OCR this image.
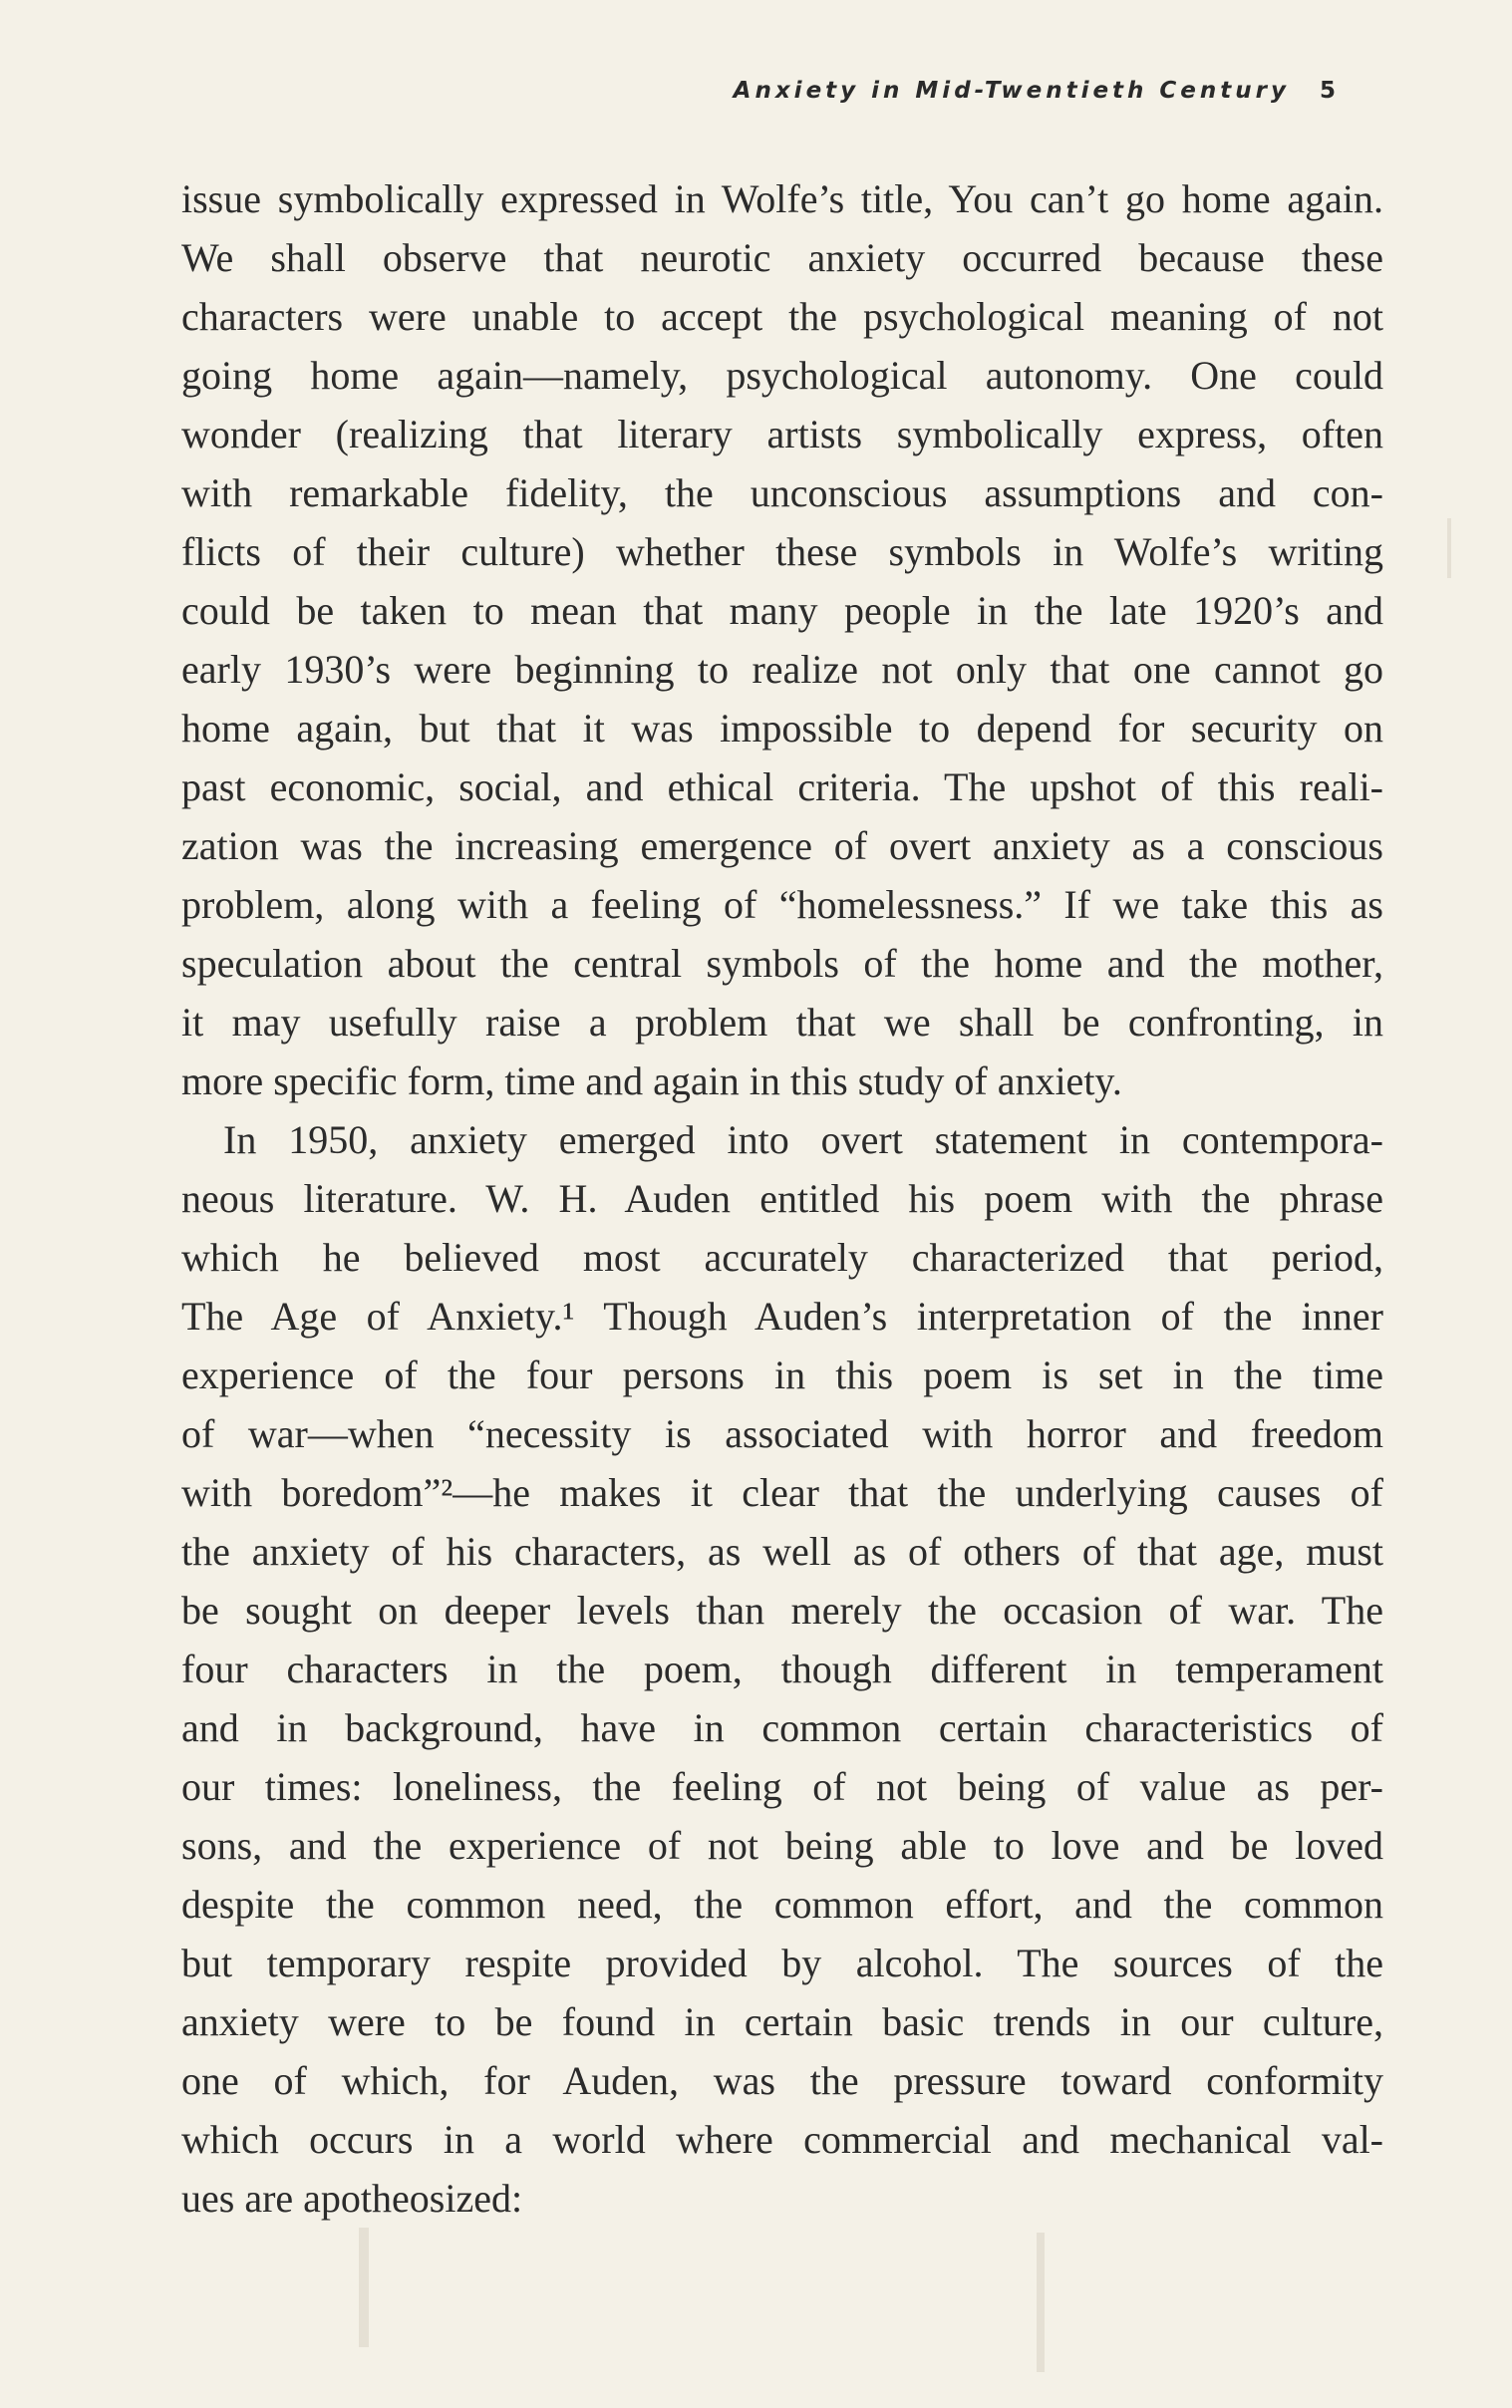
Anxiety in Mid-Twentieth Century 5
issue symbolically expressed in Wolfe’s title, You can’t go home again.
We shall observe that neurotic anxiety occurred because these
characters were unable to accept the psychological meaning of not
going home again—namely, psychological autonomy. One could
wonder (realizing that literary artists symbolically express, often
with remarkable fidelity, the unconscious assumptions and con-
flicts of their culture) whether these symbols in Wolfe’s writing
could be taken to mean that many people in the late 1920’s and
early 1930’s were beginning to realize not only that one cannot go
home again, but that it was impossible to depend for security on
past economic, social, and ethical criteria. The upshot of this reali-
zation was the increasing emergence of overt anxiety as a conscious
problem, along with a feeling of “homelessness.” If we take this as
speculation about the central symbols of the home and the mother,
it may usefully raise a problem that we shall be confronting, in
more specific form, time and again in this study of anxiety.
In 1950, anxiety emerged into overt statement in contempora-
neous literature. W. H. Auden entitled his poem with the phrase
which he believed most accurately characterized that period,
The Age of Anxiety.¹ Though Auden’s interpretation of the inner
experience of the four persons in this poem is set in the time
of war—when “necessity is associated with horror and freedom
with boredom”²—he makes it clear that the underlying causes of
the anxiety of his characters, as well as of others of that age, must
be sought on deeper levels than merely the occasion of war. The
four characters in the poem, though different in temperament
and in background, have in common certain characteristics of
our times: loneliness, the feeling of not being of value as per-
sons, and the experience of not being able to love and be loved
despite the common need, the common effort, and the common
but temporary respite provided by alcohol. The sources of the
anxiety were to be found in certain basic trends in our culture,
one of which, for Auden, was the pressure toward conformity
which occurs in a world where commercial and mechanical val-
ues are apotheosized:
